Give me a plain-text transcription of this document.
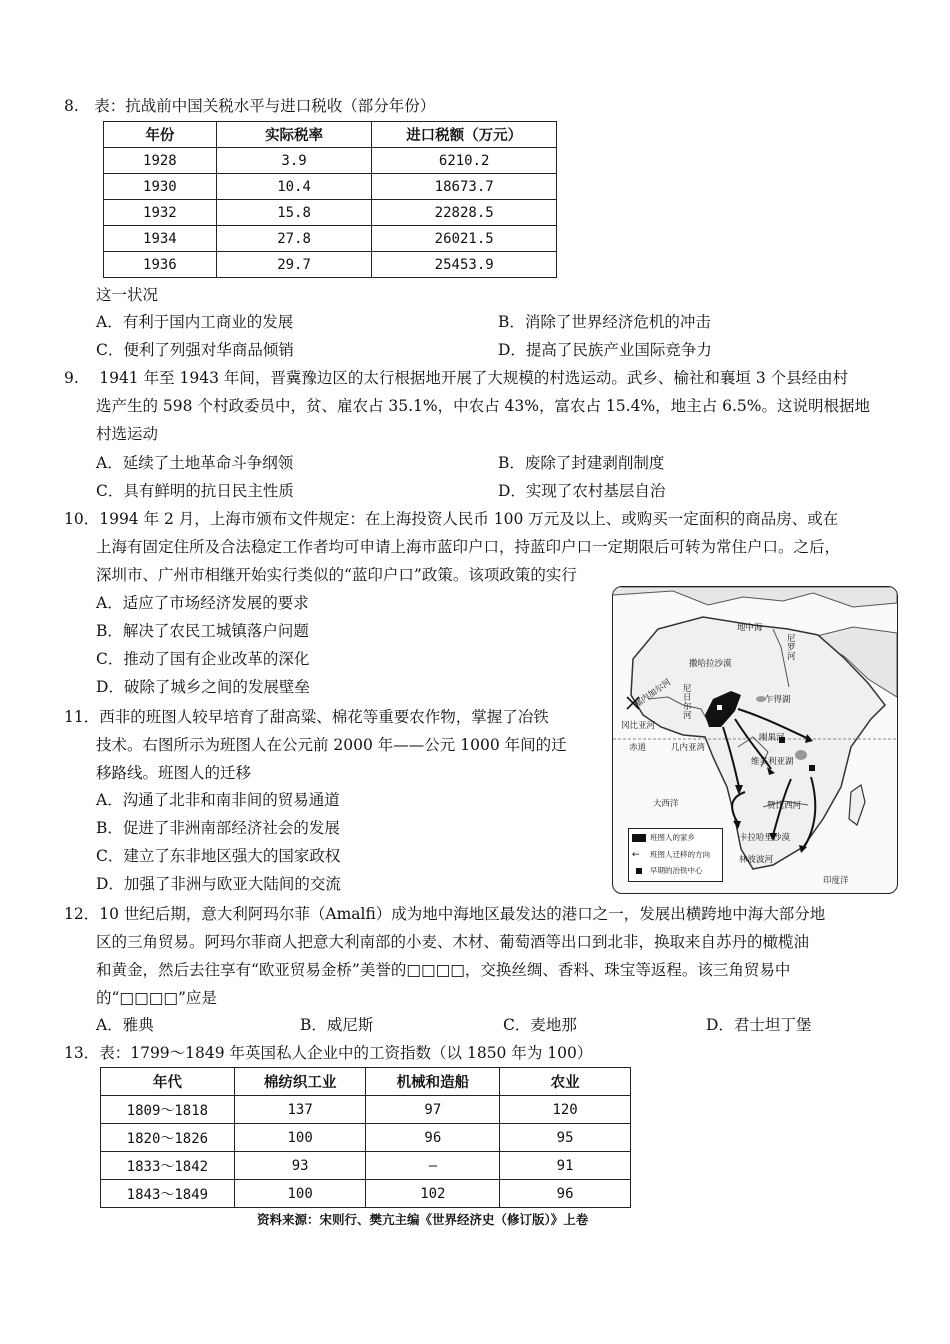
8.　表：抗战前中国关税水平与进口税收（部分年份）
年份	实际税率	进口税额（万元）
1928	3.9	6210.2
1930	10.4	18673.7
1932	15.8	22828.5
1934	27.8	26021.5
1936	29.7	25453.9
这一状况
A．有利于国内工商业的发展	B．消除了世界经济危机的冲击
C．便利了列强对华商品倾销	D．提高了民族产业国际竞争力
9.　 1941 年至 1943 年间，晋冀豫边区的太行根据地开展了大规模的村选运动。武乡、榆社和襄垣 3 个县经由村
选产生的 598 个村政委员中，贫、雇农占 35.1%，中农占 43%，富农占 15.4%，地主占 6.5%。这说明根据地
村选运动
A．延续了土地革命斗争纲领	B．废除了封建剥削制度
C．具有鲜明的抗日民主性质	D．实现了农村基层自治
10．1994 年 2 月，上海市颁布文件规定：在上海投资人民币 100 万元及以上、或购买一定面积的商品房、或在
上海有固定住所及合法稳定工作者均可申请上海市蓝印户口，持蓝印户口一定期限后可转为常住户口。之后，
深圳市、广州市相继开始实行类似的“蓝印户口”政策。该项政策的实行
A．适应了市场经济发展的要求
B．解决了农民工城镇落户问题
C．推动了国有企业改革的深化
D．破除了城乡之间的发展壁垒
11．西非的班图人较早培育了甜高粱、棉花等重要农作物，掌握了冶铁
技术。右图所示为班图人在公元前 2000 年——公元 1000 年间的迁
移路线。班图人的迁移
A．沟通了北非和南非间的贸易通道
B．促进了非洲南部经济社会的发展
C．建立了东非地区强大的国家政权
D．加强了非洲与欧亚大陆间的交流
地中海
尼罗河
撒哈拉沙漠
塞内加尔河 尼日尔河
乍得湖
冈比亚河
赤道	几内亚湾
刚果河
维多利亚湖
大西洋	赞比西河
卡拉哈里沙漠
林波波河
印度洋
班图人的家乡
← 班图人迁移的方向
早期的冶铁中心
12．10 世纪后期，意大利阿玛尔菲（Amalfi）成为地中海地区最发达的港口之一，发展出横跨地中海大部分地
区的三角贸易。阿玛尔菲商人把意大利南部的小麦、木材、葡萄酒等出口到北非，换取来自苏丹的橄榄油
和黄金，然后去往享有“欧亚贸易金桥”美誉的□□□□，交换丝绸、香料、珠宝等返程。该三角贸易中
的“□□□□”应是
A．雅典	B．威尼斯	C．麦地那	D．君士坦丁堡
13．表：1799～1849 年英国私人企业中的工资指数（以 1850 年为 100）
年代	棉纺织工业	机械和造船	农业
1809～1818	137	97	120
1820～1826	100	96	95
1833～1842	93	—	91
1843～1849	100	102	96
资料来源：宋则行、樊亢主编《世界经济史（修订版）》上卷
